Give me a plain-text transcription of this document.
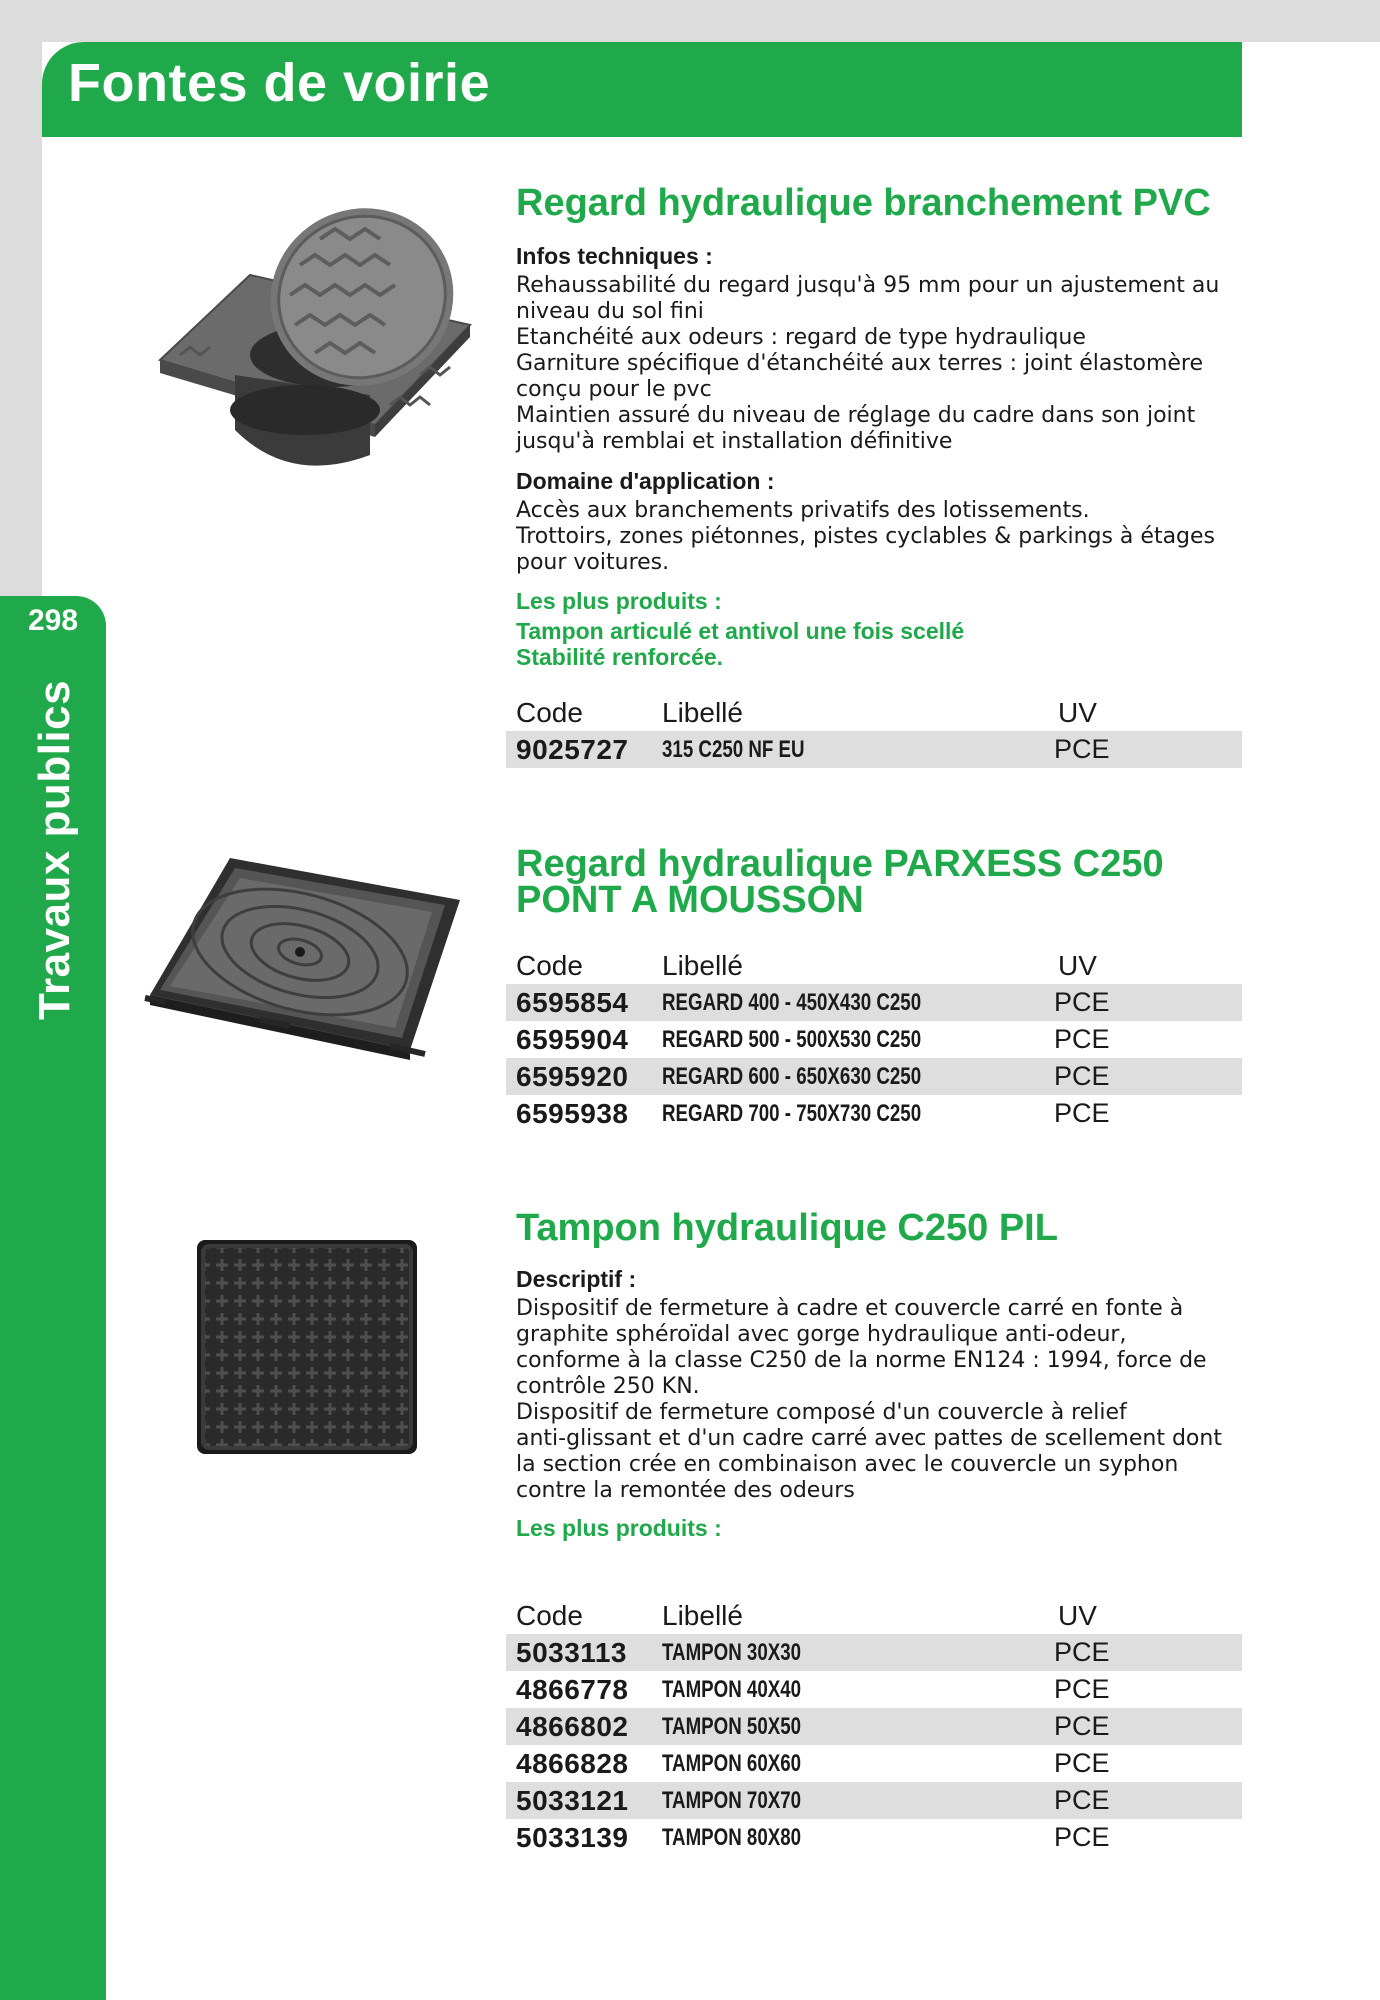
298
Travaux publics
Fontes de voirie
Regard hydraulique branchement PVC
Infos techniques :
Rehaussabilité du regard jusqu'à 95 mm pour un ajustement au
niveau du sol fini
Etanchéité aux odeurs : regard de type hydraulique
Garniture spécifique d'étanchéité aux terres : joint élastomère
conçu pour le pvc
Maintien assuré du niveau de réglage du cadre dans son joint
jusqu'à remblai et installation définitive
Domaine d'application :
Accès aux branchements privatifs des lotissements.
Trottoirs, zones piétonnes, pistes cyclables & parkings à étages
pour voitures.
Les plus produits :
Tampon articulé et antivol une fois scellé
Stabilité renforcée.
Code	Libellé	UV
9025727 315 C250 NF EU	PCE
Regard hydraulique PARXESS C250
PONT A MOUSSON
Code	Libellé	UV
6595854 REGARD 400 - 450X430 C250	PCE
6595904 REGARD 500 - 500X530 C250	PCE
6595920 REGARD 600 - 650X630 C250	PCE
6595938 REGARD 700 - 750X730 C250	PCE
Tampon hydraulique C250 PIL
Descriptif :
Dispositif de fermeture à cadre et couvercle carré en fonte à
graphite sphéroïdal avec gorge hydraulique anti-odeur,
conforme à la classe C250 de la norme EN124 : 1994, force de
contrôle 250 KN.
Dispositif de fermeture composé d'un couvercle à relief
anti-glissant et d'un cadre carré avec pattes de scellement dont
la section crée en combinaison avec le couvercle un syphon
contre la remontée des odeurs
Les plus produits :
Code	Libellé	UV
5033113 TAMPON 30X30	PCE
4866778 TAMPON 40X40	PCE
4866802 TAMPON 50X50	PCE
4866828 TAMPON 60X60	PCE
5033121 TAMPON 70X70	PCE
5033139 TAMPON 80X80	PCE
